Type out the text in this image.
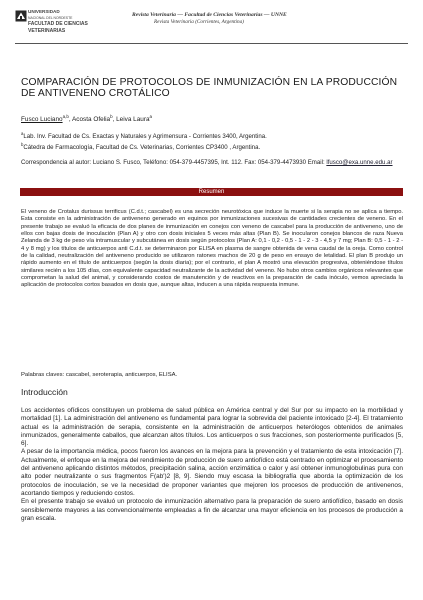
UNIVERSIDAD
NACIONAL DEL NORDESTE
FACULTAD DE CIENCIAS
VETERINARIAS
Revista Veterinaria — Facultad de Ciencias Veterinarias — UNNE
Revista Veterinaria (Corrientes, Argentina)
COMPARACIÓN DE PROTOCOLOS DE INMUNIZACIÓN EN LA PRODUCCIÓN DE ANTIVENENO CROTÁLICO
Fusco Luciano$^{a,b}$, Acosta Ofelia$^b$, Leiva Laura$^a$
$^a$Lab. Inv. Facultad de Cs. Exactas y Naturales y Agrimensura - Corrientes 3400, Argentina.
$^b$Cátedra de Farmacología, Facultad de Cs. Veterinarias, Corrientes CP3400 , Argentina.
Correspondencia al autor: Luciano S. Fusco, Teléfono: 054-379-4457395, Int. 112. Fax: 054-379-4473930 Email: lfusco@exa.unne.edu.ar
Resumen
El veneno de Crotalus durissus terrificus (C.d.t.; cascabel) es una secreción neurotóxica que induce la muerte si la serapia no se aplica a tiempo. Esta consiste en la administración de antiveneno generado en equinos por inmunizaciones sucesivas de cantidades crecientes de veneno. En el presente trabajo se evaluó la eficacia de dos planes de inmunización en conejos con veneno de cascabel para la producción de antiveneno, uno de ellos con bajas dosis de inoculación (Plan A) y otro con dosis iniciales 5 veces más altas (Plan B). Se inocularon conejos blancos de raza Nueva Zelanda de 3 kg de peso vía intramuscular y subcutánea en dosis según protocolos (Plan A: 0,1 - 0,2 - 0,5 - 1 - 2 - 3 - 4,5 y 7 mg; Plan B: 0,5 - 1 - 2 - 4 y 8 mg) y los títulos de anticuerpos anti C.d.t. se determinaron por ELISA en plasma de sangre obtenida de vena caudal de la oreja. Como control de la calidad, neutralización del antiveneno producido se utilizaron ratones machos de 20 g de peso en ensayo de letalidad. El plan B produjo un rápido aumento en el título de anticuerpos (según la dosis diaria); por el contrario, el plan A mostró una elevación progresiva, obteniéndose títulos similares recién a los 105 días, con equivalente capacidad neutralizante de la actividad del veneno. No hubo otros cambios orgánicos relevantes que comprometan la salud del animal, y considerando costos de manutención y de reactivos en la preparación de cada inóculo, vemos apreciada la aplicación de protocolos cortos basados en dosis que, aunque altas, inducen a una rápida respuesta inmune.
Palabras claves: cascabel, seroterapia, anticuerpos, ELISA.
Introducción

Los accidentes ofídicos constituyen un problema de salud pública en América central y del Sur por su impacto en la morbilidad y mortalidad [1]. La administración del antiveneno es fundamental para lograr la sobrevida del paciente intoxicado [2-4]. El tratamiento actual es la administración de serapia, consistente en la administración de anticuerpos heterólogos obtenidos de animales inmunizados, generalmente caballos, que alcanzan altos títulos. Los anticuerpos o sus fracciones, son posteriormente purificados [5, 6].

A pesar de la importancia médica, pocos fueron los avances en la mejora para la prevención y el tratamiento de esta intoxicación [7]. Actualmente, el enfoque en la mejora del rendimiento de producción de suero antiofídico está centrado en optimizar el procesamiento del antiveneno aplicando distintos métodos, precipitación salina, acción enzimática o calor y así obtener inmunoglobulinas pura con alto poder neutralizante o sus fragmentos F(ab')2 [8, 9]. Siendo muy escasa la bibliografía que aborda la optimización de los protocolos de inoculación, se ve la necesidad de proponer variantes que mejoren los procesos de producción de antivenenos, acortando tiempos y reduciendo costos.

En el presente trabajo se evaluó un protocolo de inmunización alternativo para la preparación de suero antiofídico, basado en dosis sensiblemente mayores a las convencionalmente empleadas a fin de alcanzar una mayor eficiencia en los procesos de producción a gran escala.
